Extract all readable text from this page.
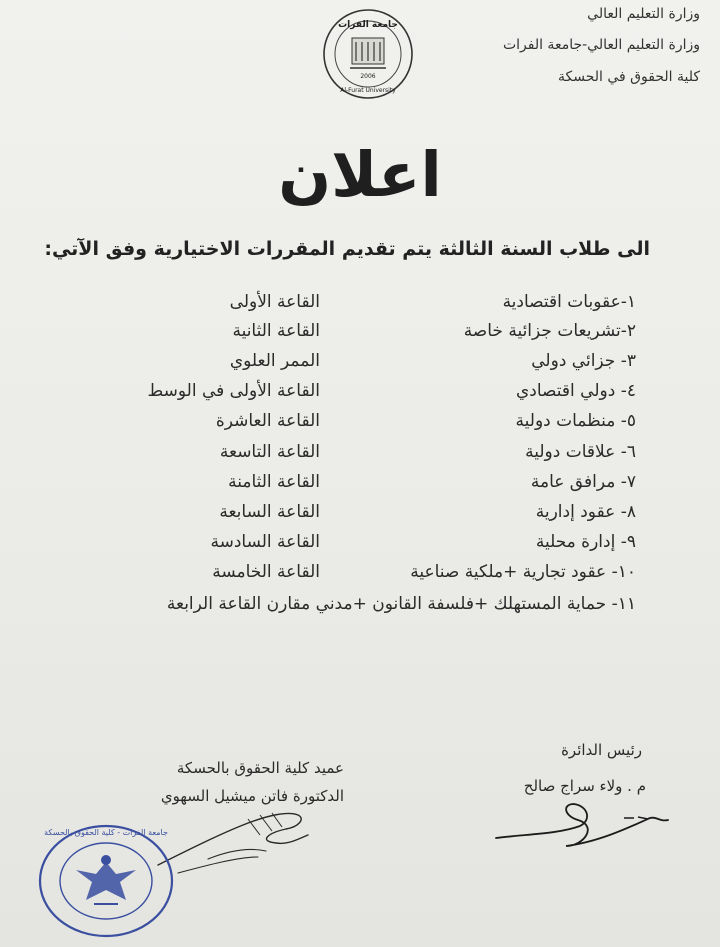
وزارة التعليم العالي
وزارة التعليم العالي-جامعة الفرات
كلية الحقوق في الحسكة
جامعة الفرات
2006
Al-Furat University
اعلان
الى طلاب السنة الثالثة يتم تقديم المقررات الاختيارية وفق الآتي:
١-عقوبات اقتصادية
القاعة الأولى
٢-تشريعات جزائية خاصة
القاعة الثانية
٣- جزائي دولي
الممر العلوي
٤- دولي اقتصادي
القاعة الأولى في الوسط
٥- منظمات دولية
القاعة العاشرة
٦- علاقات دولية
القاعة التاسعة
٧- مرافق عامة
القاعة الثامنة
٨- عقود إدارية
القاعة السابعة
٩- إدارة محلية
القاعة السادسة
١٠- عقود تجارية +ملكية صناعية
القاعة الخامسة
١١- حماية المستهلك +فلسفة القانون +مدني مقارن القاعة الرابعة
رئيس الدائرة
م . ولاء سراج صالح
عميد كلية الحقوق بالحسكة
الدكتورة فاتن ميشيل السهوي
جامعة الفرات - كلية الحقوق بالحسكة
